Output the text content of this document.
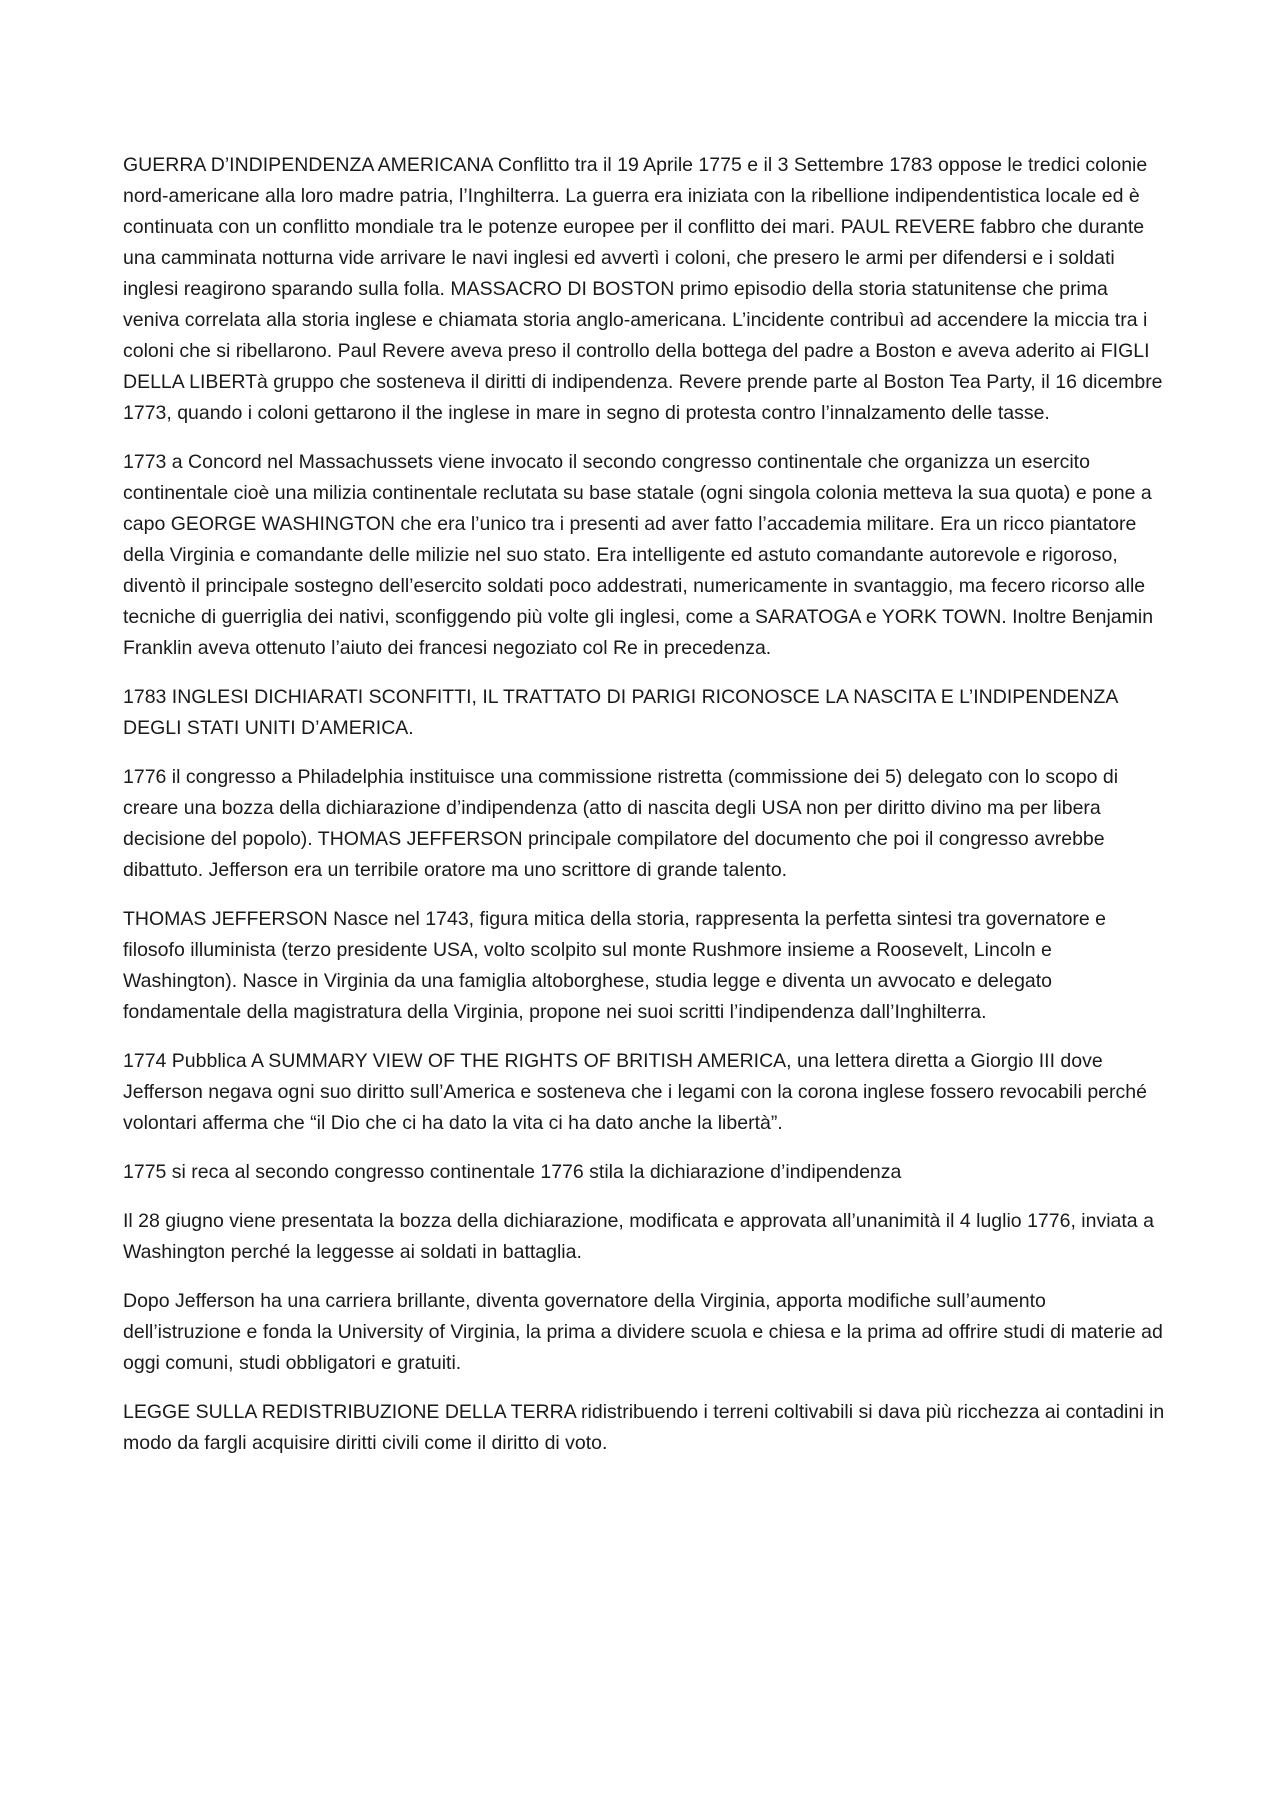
GUERRA D’INDIPENDENZA AMERICANA Conflitto tra il 19 Aprile 1775 e il 3 Settembre 1783 oppose le tredici colonie nord-americane alla loro madre patria, l’Inghilterra. La guerra era iniziata con la ribellione indipendentistica locale ed è continuata con un conflitto mondiale tra le potenze europee per il conflitto dei mari. PAUL REVERE fabbro che durante una camminata notturna vide arrivare le navi inglesi ed avvertì i coloni, che presero le armi per difendersi e i soldati inglesi reagirono sparando sulla folla. MASSACRO DI BOSTON primo episodio della storia statunitense che prima veniva correlata alla storia inglese e chiamata storia anglo-americana. L’incidente contribuì ad accendere la miccia tra i coloni che si ribellarono. Paul Revere aveva preso il controllo della bottega del padre a Boston e aveva aderito ai FIGLI DELLA LIBERTà gruppo che sosteneva il diritti di indipendenza. Revere prende parte al Boston Tea Party, il 16 dicembre 1773, quando i coloni gettarono il the inglese in mare in segno di protesta contro l’innalzamento delle tasse.

1773 a Concord nel Massachussets viene invocato il secondo congresso continentale che organizza un esercito continentale cioè una milizia continentale reclutata su base statale (ogni singola colonia metteva la sua quota) e pone a capo GEORGE WASHINGTON che era l’unico tra i presenti ad aver fatto l’accademia militare. Era un ricco piantatore della Virginia e comandante delle milizie nel suo stato. Era intelligente ed astuto comandante autorevole e rigoroso, diventò il principale sostegno dell’esercito soldati poco addestrati, numericamente in svantaggio, ma fecero ricorso alle tecniche di guerriglia dei nativi, sconfiggendo più volte gli inglesi, come a SARATOGA e YORK TOWN. Inoltre Benjamin Franklin aveva ottenuto l’aiuto dei francesi negoziato col Re in precedenza.

1783 INGLESI DICHIARATI SCONFITTI, IL TRATTATO DI PARIGI RICONOSCE LA NASCITA E L’INDIPENDENZA DEGLI STATI UNITI D’AMERICA.

1776 il congresso a Philadelphia instituisce una commissione ristretta (commissione dei 5) delegato con lo scopo di creare una bozza della dichiarazione d’indipendenza (atto di nascita degli USA non per diritto divino ma per libera decisione del popolo). THOMAS JEFFERSON principale compilatore del documento che poi il congresso avrebbe dibattuto. Jefferson era un terribile oratore ma uno scrittore di grande talento.

THOMAS JEFFERSON Nasce nel 1743, figura mitica della storia, rappresenta la perfetta sintesi tra governatore e filosofo illuminista (terzo presidente USA, volto scolpito sul monte Rushmore insieme a Roosevelt, Lincoln e Washington). Nasce in Virginia da una famiglia altoborghese, studia legge e diventa un avvocato e delegato fondamentale della magistratura della Virginia, propone nei suoi scritti l’indipendenza dall’Inghilterra.

1774 Pubblica A SUMMARY VIEW OF THE RIGHTS OF BRITISH AMERICA, una lettera diretta a Giorgio III dove Jefferson negava ogni suo diritto sull’America e sosteneva che i legami con la corona inglese fossero revocabili perché volontari afferma che “il Dio che ci ha dato la vita ci ha dato anche la libertà”.

1775 si reca al secondo congresso continentale 1776 stila la dichiarazione d’indipendenza

Il 28 giugno viene presentata la bozza della dichiarazione, modificata e approvata all’unanimità il 4 luglio 1776, inviata a Washington perché la leggesse ai soldati in battaglia.

Dopo Jefferson ha una carriera brillante, diventa governatore della Virginia, apporta modifiche sull’aumento dell’istruzione e fonda la University of Virginia, la prima a dividere scuola e chiesa e la prima ad offrire studi di materie ad oggi comuni, studi obbligatori e gratuiti.

LEGGE SULLA REDISTRIBUZIONE DELLA TERRA ridistribuendo i terreni coltivabili si dava più ricchezza ai contadini in modo da fargli acquisire diritti civili come il diritto di voto.
